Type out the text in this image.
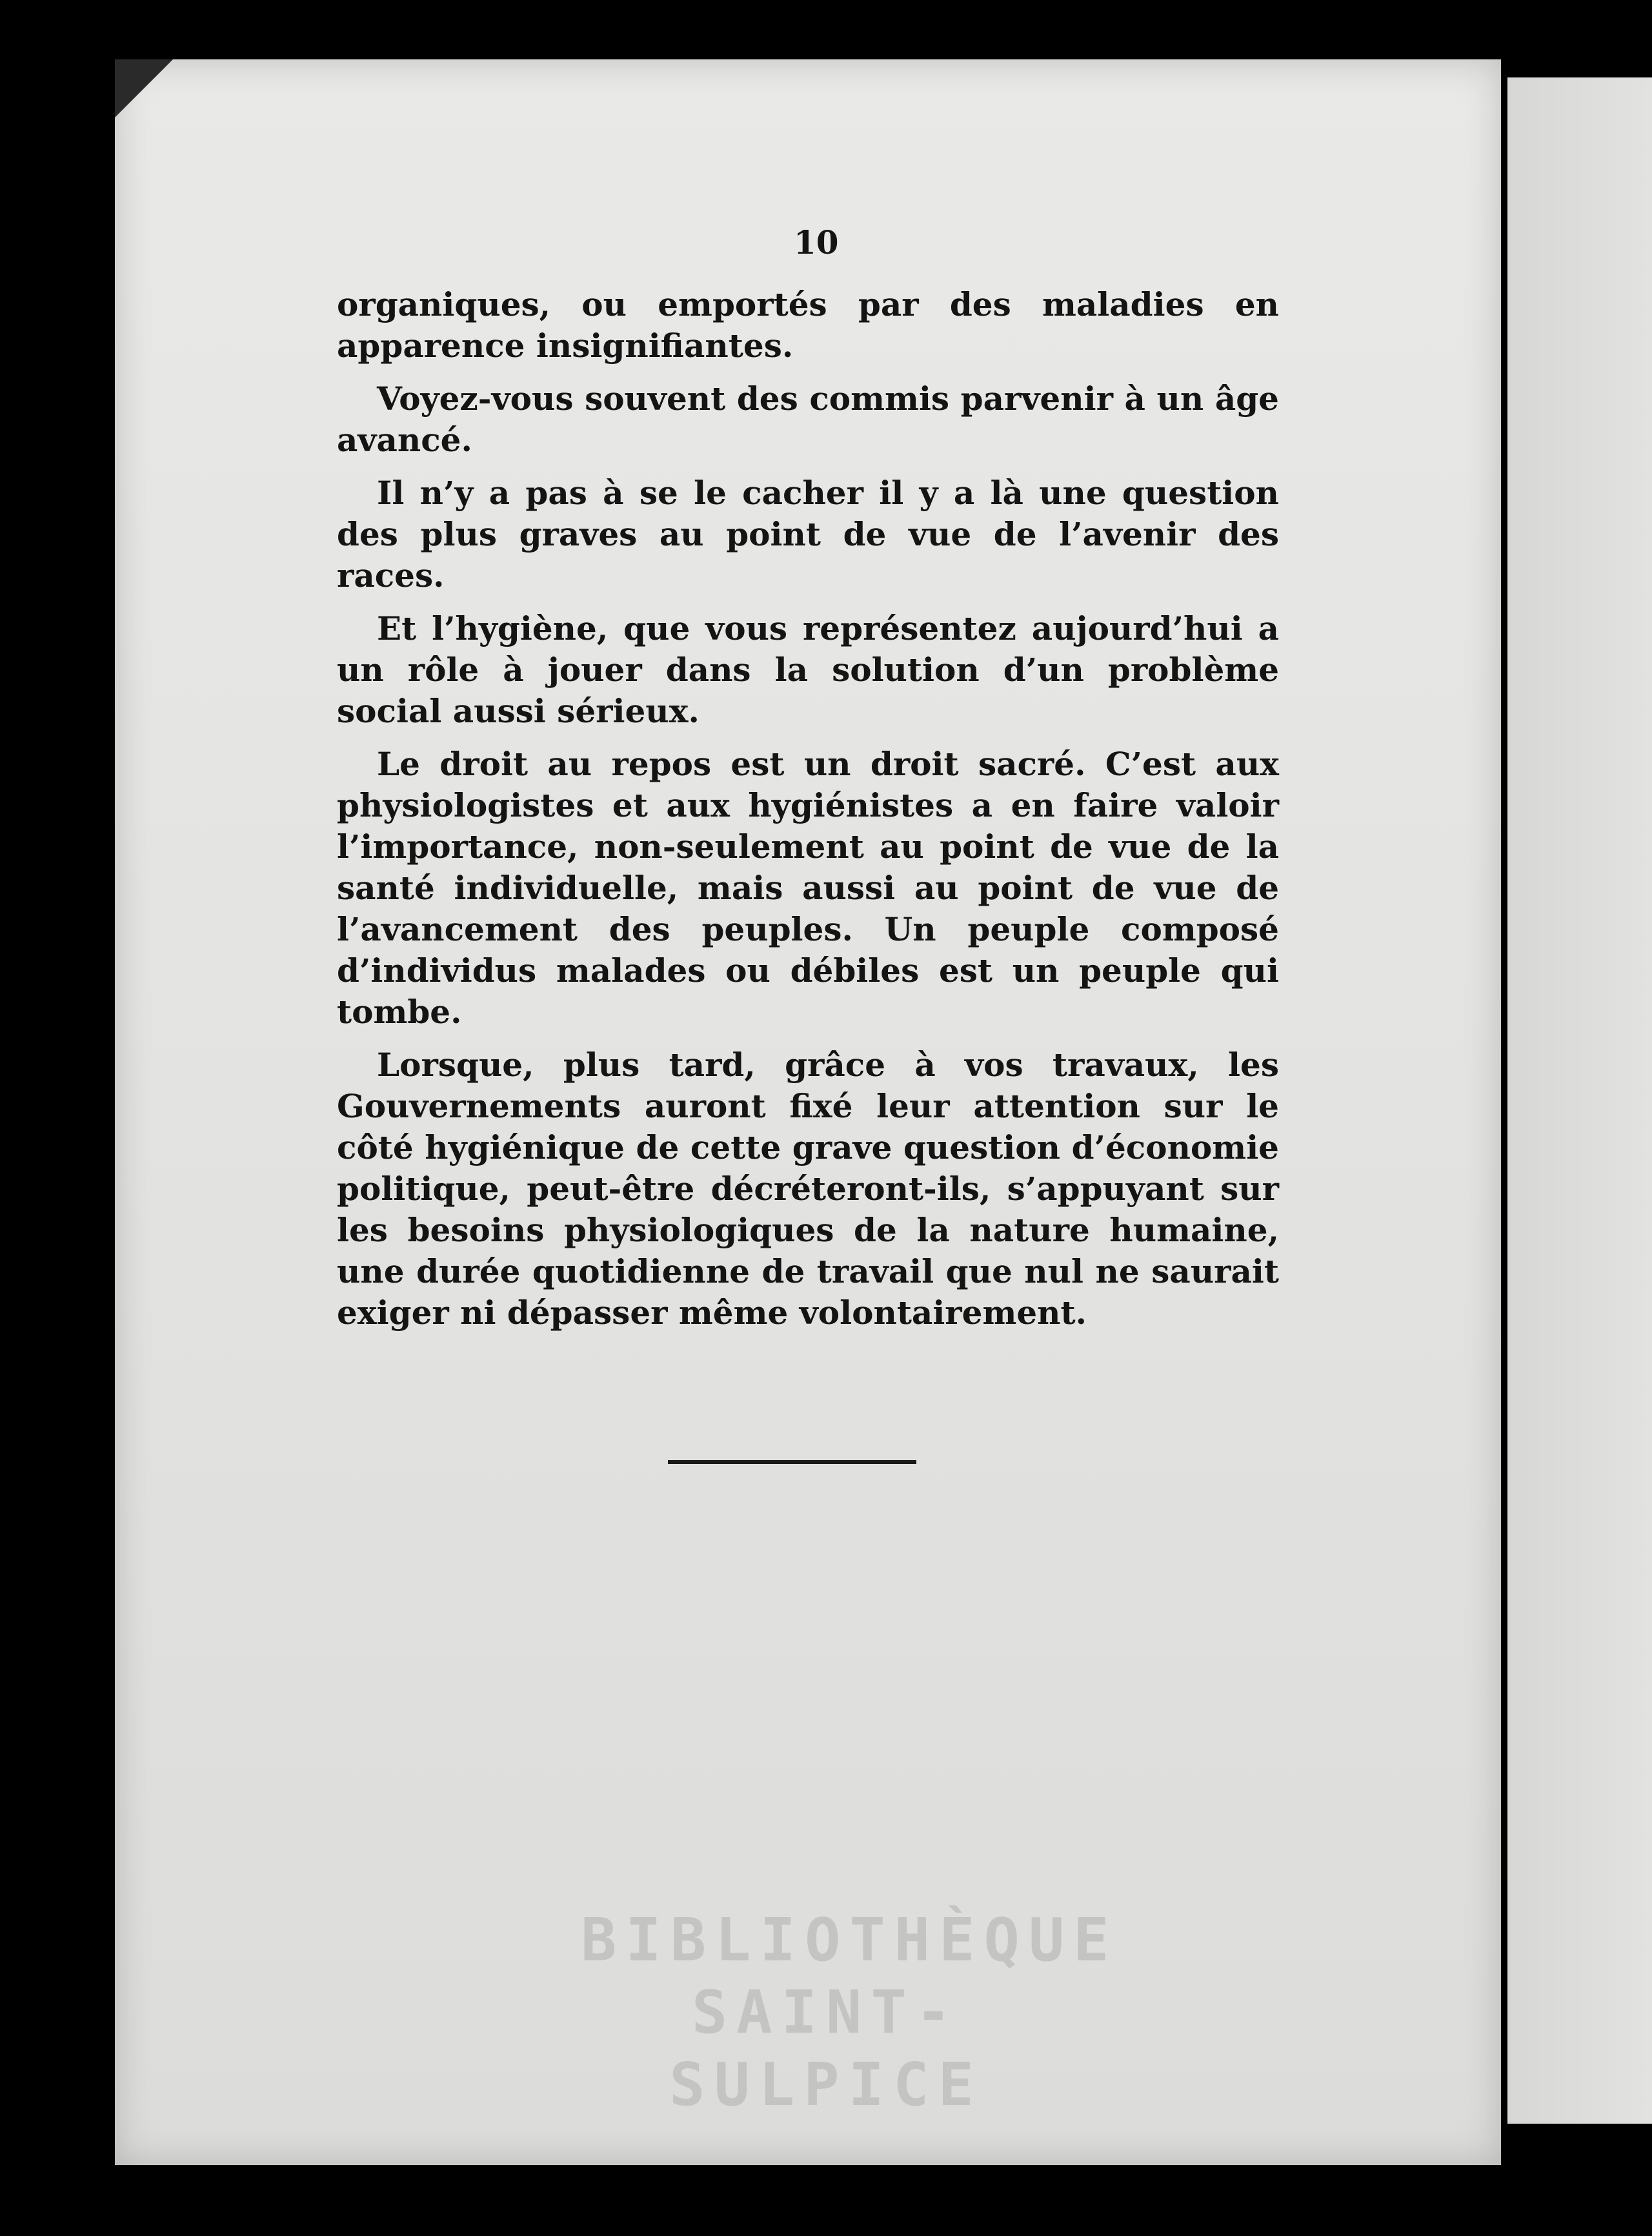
10

organiques, ou emportés par des maladies en apparence insignifiantes.

Voyez-vous souvent des commis parvenir à un âge avancé.

Il n’y a pas à se le cacher il y a là une question des plus graves au point de vue de l’avenir des races.

Et l’hygiène, que vous représentez aujourd’hui a un rôle à jouer dans la solution d’un problème social aussi sérieux.

Le droit au repos est un droit sacré. C’est aux physiologistes et aux hygiénistes a en faire valoir l’importance, non-seulement au point de vue de la santé individuelle, mais aussi au point de vue de l’avancement des peuples. Un peuple composé d’individus malades ou débiles est un peuple qui tombe.

Lorsque, plus tard, grâce à vos travaux, les Gouvernements auront fixé leur attention sur le côté hygiénique de cette grave question d’économie politique, peut-être décréteront-ils, s’appuyant sur les besoins physiologiques de la nature humaine, une durée quotidienne de travail que nul ne saurait exiger ni dépasser même volontairement.

BIBLIOTHÈQUE
SAINT-SULPICE
